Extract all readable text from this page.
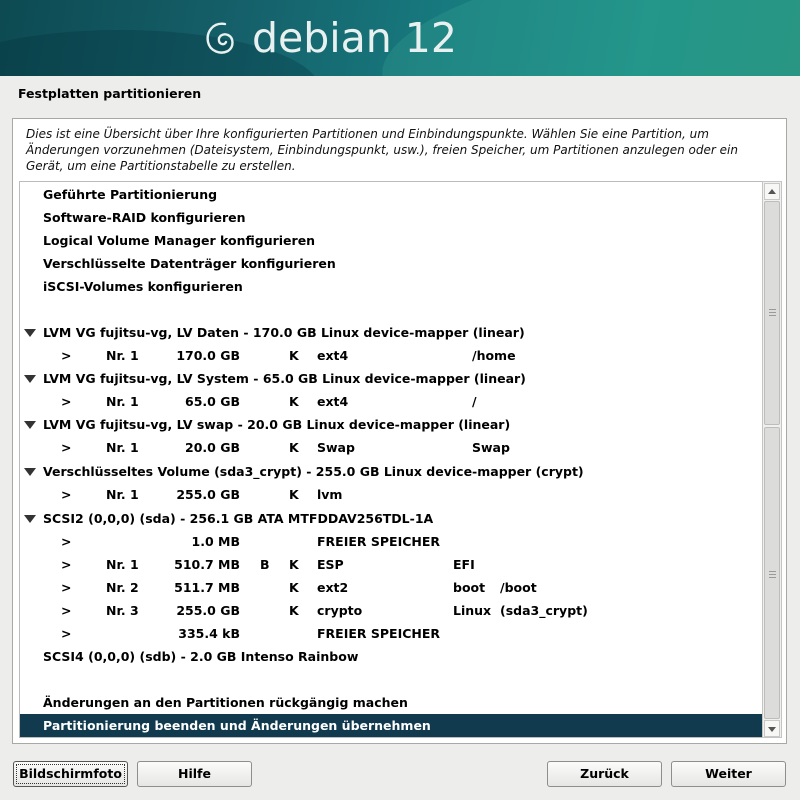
debian 12
Festplatten partitionieren
Dies ist eine Übersicht über Ihre konfigurierten Partitionen und Einbindungspunkte. Wählen Sie eine Partition, um Änderungen vorzunehmen (Dateisystem, Einbindungspunkt, usw.), freien Speicher, um Partitionen anzulegen oder ein Gerät, um eine Partitionstabelle zu erstellen.
Geführte Partitionierung
Software-RAID konfigurieren
Logical Volume Manager konfigurieren
Verschlüsselte Datenträger konfigurieren
iSCSI-Volumes konfigurieren
LVM VG fujitsu-vg, LV Daten - 170.0 GB Linux device-mapper (linear)
>	Nr. 1	170.0 GB	K ext4	/home
LVM VG fujitsu-vg, LV System - 65.0 GB Linux device-mapper (linear)
>	Nr. 1	65.0 GB	K ext4	/
LVM VG fujitsu-vg, LV swap - 20.0 GB Linux device-mapper (linear)
>	Nr. 1	20.0 GB	K Swap	Swap
Verschlüsseltes Volume (sda3_crypt) - 255.0 GB Linux device-mapper (crypt)
>	Nr. 1	255.0 GB	K lvm
SCSI2 (0,0,0) (sda) - 256.1 GB ATA MTFDDAV256TDL-1A
>	1.0 MB	FREIER SPEICHER
>	Nr. 1	510.7 MB B K ESP	EFI
>	Nr. 2	511.7 MB	K ext2	boot /boot
>	Nr. 3	255.0 GB	K crypto	Linux (sda3_crypt)
>	335.4 kB	FREIER SPEICHER
SCSI4 (0,0,0) (sdb) - 2.0 GB Intenso Rainbow
Änderungen an den Partitionen rückgängig machen
Partitionierung beenden und Änderungen übernehmen
Bildschirmfoto	Hilfe	Zurück	Weiter
